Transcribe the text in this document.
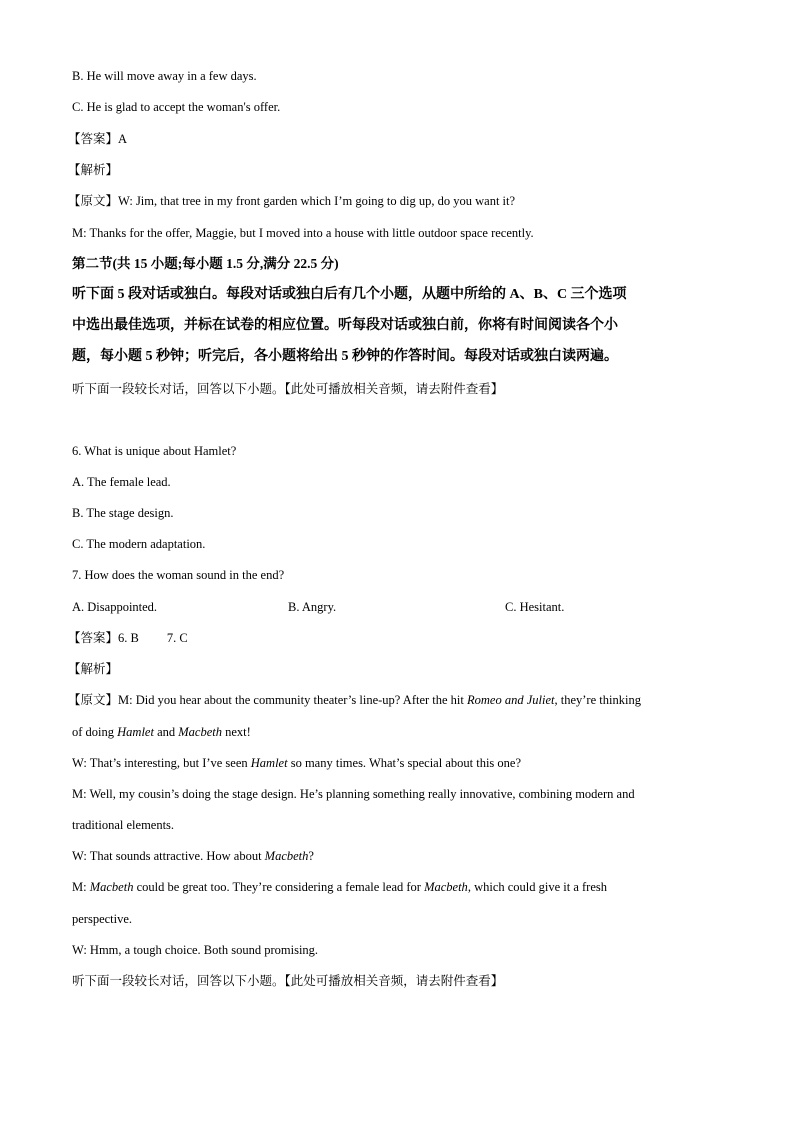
B. He will move away in a few days.
C. He is glad to accept the woman's offer.
【答案】A
【解析】
【原文】W: Jim, that tree in my front garden which I’m going to dig up, do you want it?
M: Thanks for the offer, Maggie, but I moved into a house with little outdoor space recently.
第二节(共 15 小题;每小题 1.5 分,满分 22.5 分)
听下面 5 段对话或独白。每段对话或独白后有几个小题，从题中所给的 A、B、C 三个选项
中选出最佳选项，并标在试卷的相应位置。听每段对话或独白前，你将有时间阅读各个小
题，每小题 5 秒钟；听完后，各小题将给出 5 秒钟的作答时间。每段对话或独白读两遍。
听下面一段较长对话，回答以下小题。【此处可播放相关音频，请去附件查看】
6. What is unique about Hamlet?
A. The female lead.
B. The stage design.
C. The modern adaptation.
7. How does the woman sound in the end?
A. Disappointed.	B. Angry.	C. Hesitant.
【答案】6. B 7. C
【解析】
【原文】M: Did you hear about the community theater’s line-up? After the hit Romeo and Juliet, they’re thinking
of doing Hamlet and Macbeth next!
W: That’s interesting, but I’ve seen Hamlet so many times. What’s special about this one?
M: Well, my cousin’s doing the stage design. He’s planning something really innovative, combining modern and
traditional elements.
W: That sounds attractive. How about Macbeth?
M: Macbeth could be great too. They’re considering a female lead for Macbeth, which could give it a fresh
perspective.
W: Hmm, a tough choice. Both sound promising.
听下面一段较长对话，回答以下小题。【此处可播放相关音频，请去附件查看】
